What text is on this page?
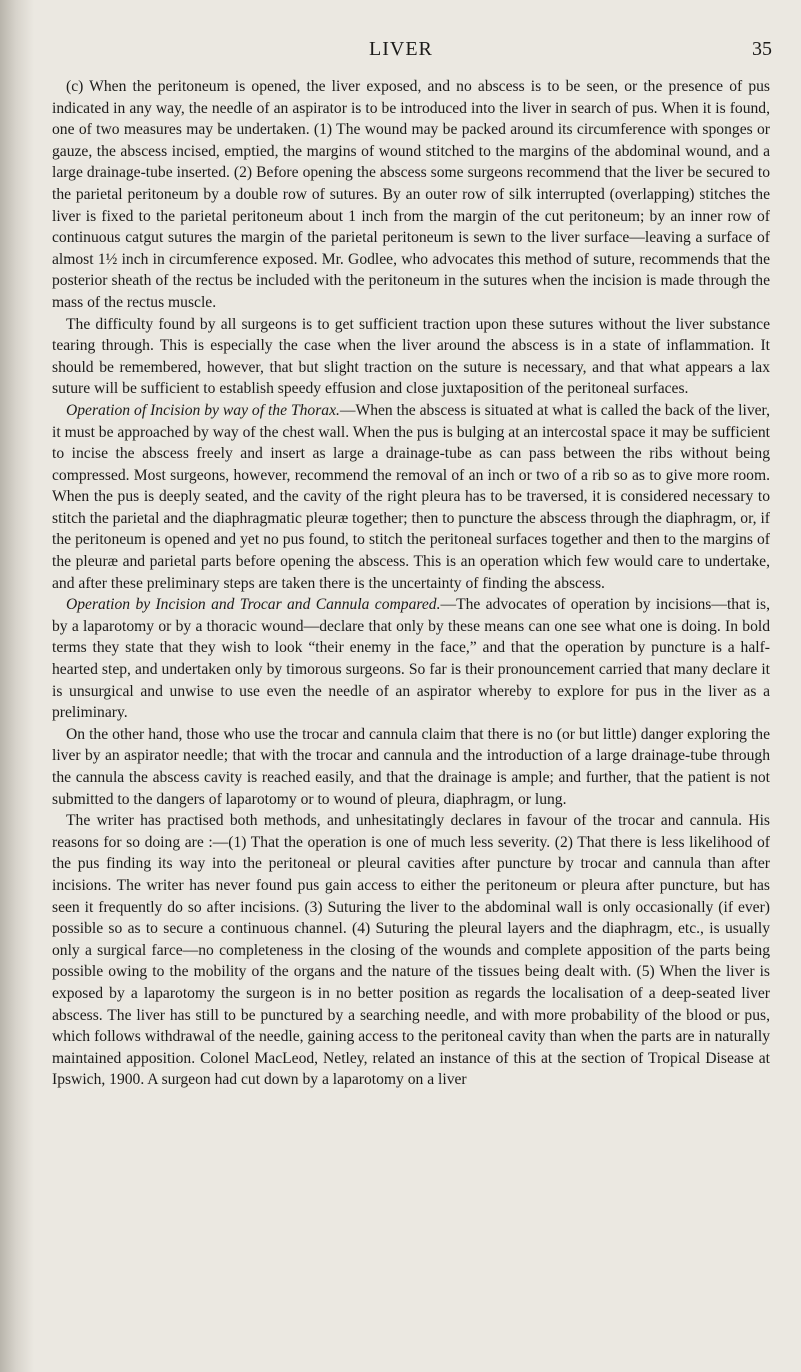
LIVER	35

(c) When the peritoneum is opened, the liver exposed, and no abscess is to be seen, or the presence of pus indicated in any way, the needle of an aspirator is to be introduced into the liver in search of pus. When it is found, one of two measures may be undertaken. (1) The wound may be packed around its circumference with sponges or gauze, the abscess incised, emptied, the margins of wound stitched to the margins of the abdominal wound, and a large drainage-tube inserted. (2) Before opening the abscess some surgeons recommend that the liver be secured to the parietal peritoneum by a double row of sutures. By an outer row of silk interrupted (overlapping) stitches the liver is fixed to the parietal peritoneum about 1 inch from the margin of the cut peritoneum; by an inner row of continuous catgut sutures the margin of the parietal peritoneum is sewn to the liver surface—leaving a surface of almost 1½ inch in circumference exposed. Mr. Godlee, who advocates this method of suture, recommends that the posterior sheath of the rectus be included with the peritoneum in the sutures when the incision is made through the mass of the rectus muscle.

The difficulty found by all surgeons is to get sufficient traction upon these sutures without the liver substance tearing through. This is especially the case when the liver around the abscess is in a state of inflammation. It should be remembered, however, that but slight traction on the suture is necessary, and that what appears a lax suture will be sufficient to establish speedy effusion and close juxtaposition of the peritoneal surfaces.

Operation of Incision by way of the Thorax.—When the abscess is situated at what is called the back of the liver, it must be approached by way of the chest wall. When the pus is bulging at an intercostal space it may be sufficient to incise the abscess freely and insert as large a drainage-tube as can pass between the ribs without being compressed. Most surgeons, however, recommend the removal of an inch or two of a rib so as to give more room. When the pus is deeply seated, and the cavity of the right pleura has to be traversed, it is considered necessary to stitch the parietal and the diaphragmatic pleuræ together; then to puncture the abscess through the diaphragm, or, if the peritoneum is opened and yet no pus found, to stitch the peritoneal surfaces together and then to the margins of the pleuræ and parietal parts before opening the abscess. This is an operation which few would care to undertake, and after these preliminary steps are taken there is the uncertainty of finding the abscess.

Operation by Incision and Trocar and Cannula compared.—The advocates of operation by incisions—that is, by a laparotomy or by a thoracic wound—declare that only by these means can one see what one is doing. In bold terms they state that they wish to look “their enemy in the face,” and that the operation by puncture is a half-hearted step, and undertaken only by timorous surgeons. So far is their pronouncement carried that many declare it is unsurgical and unwise to use even the needle of an aspirator whereby to explore for pus in the liver as a preliminary.

On the other hand, those who use the trocar and cannula claim that there is no (or but little) danger exploring the liver by an aspirator needle; that with the trocar and cannula and the introduction of a large drainage-tube through the cannula the abscess cavity is reached easily, and that the drainage is ample; and further, that the patient is not submitted to the dangers of laparotomy or to wound of pleura, diaphragm, or lung.

The writer has practised both methods, and unhesitatingly declares in favour of the trocar and cannula. His reasons for so doing are :—(1) That the operation is one of much less severity. (2) That there is less likelihood of the pus finding its way into the peritoneal or pleural cavities after puncture by trocar and cannula than after incisions. The writer has never found pus gain access to either the peritoneum or pleura after puncture, but has seen it frequently do so after incisions. (3) Suturing the liver to the abdominal wall is only occasionally (if ever) possible so as to secure a continuous channel. (4) Suturing the pleural layers and the diaphragm, etc., is usually only a surgical farce—no completeness in the closing of the wounds and complete apposition of the parts being possible owing to the mobility of the organs and the nature of the tissues being dealt with. (5) When the liver is exposed by a laparotomy the surgeon is in no better position as regards the localisation of a deep-seated liver abscess. The liver has still to be punctured by a searching needle, and with more probability of the blood or pus, which follows withdrawal of the needle, gaining access to the peritoneal cavity than when the parts are in naturally maintained apposition. Colonel MacLeod, Netley, related an instance of this at the section of Tropical Disease at Ipswich, 1900. A surgeon had cut down by a laparotomy on a liver
